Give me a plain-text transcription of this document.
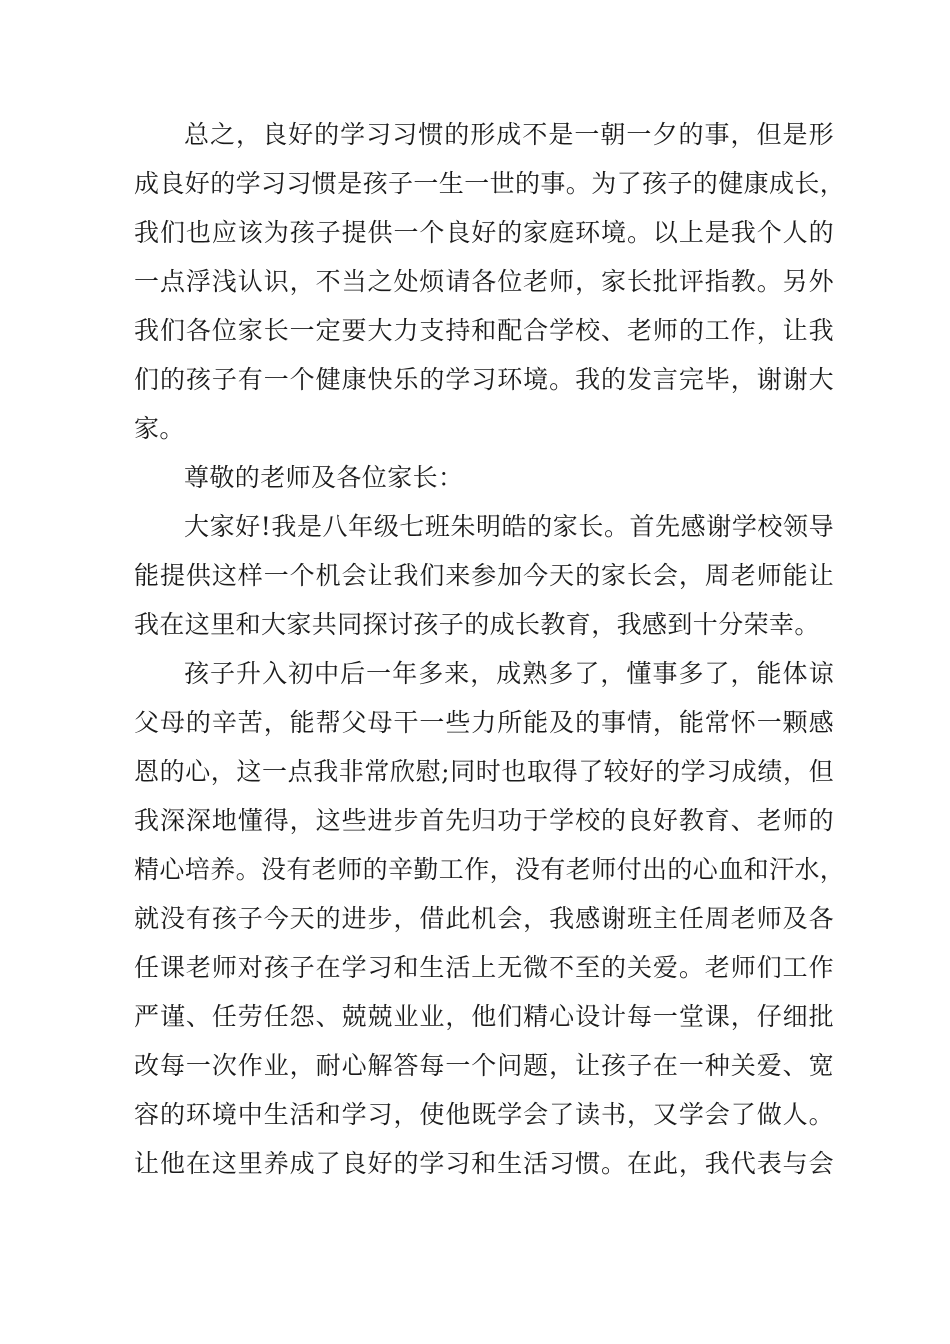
总之，良好的学习习惯的形成不是一朝一夕的事，但是形
成良好的学习习惯是孩子一生一世的事。为了孩子的健康成长，
我们也应该为孩子提供一个良好的家庭环境。以上是我个人的
一点浮浅认识，不当之处烦请各位老师，家长批评指教。另外
我们各位家长一定要大力支持和配合学校、老师的工作，让我
们的孩子有一个健康快乐的学习环境。我的发言完毕，谢谢大
家。
尊敬的老师及各位家长：
大家好!我是八年级七班朱明皓的家长。首先感谢学校领导
能提供这样一个机会让我们来参加今天的家长会，周老师能让
我在这里和大家共同探讨孩子的成长教育，我感到十分荣幸。
孩子升入初中后一年多来，成熟多了，懂事多了，能体谅
父母的辛苦，能帮父母干一些力所能及的事情，能常怀一颗感
恩的心，这一点我非常欣慰;同时也取得了较好的学习成绩，但
我深深地懂得，这些进步首先归功于学校的良好教育、老师的
精心培养。没有老师的辛勤工作，没有老师付出的心血和汗水，
就没有孩子今天的进步，借此机会，我感谢班主任周老师及各
任课老师对孩子在学习和生活上无微不至的关爱。老师们工作
严谨、任劳任怨、兢兢业业，他们精心设计每一堂课，仔细批
改每一次作业，耐心解答每一个问题，让孩子在一种关爱、宽
容的环境中生活和学习，使他既学会了读书，又学会了做人。
让他在这里养成了良好的学习和生活习惯。在此，我代表与会
